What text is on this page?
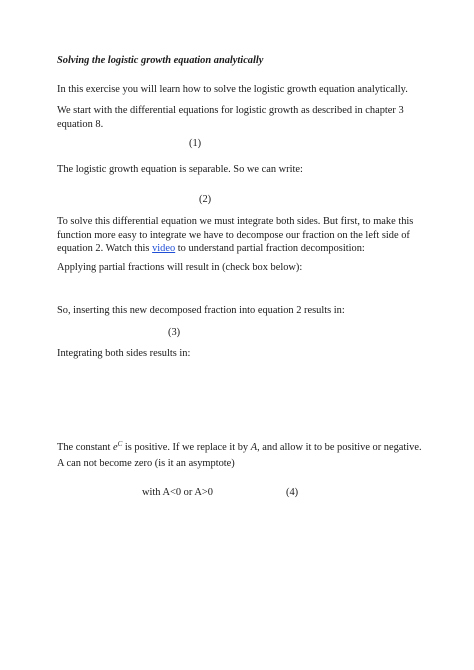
Solving the logistic growth equation analytically
In this exercise you will learn how to solve the logistic growth equation analytically.
We start with the differential equations for logistic growth as described in chapter 3 equation 8.
(1)
The logistic growth equation is separable. So we can write:
(2)
To solve this differential equation we must integrate both sides. But first, to make this function more easy to integrate we have to decompose our fraction on the left side of equation 2. Watch this video to understand partial fraction decomposition:
Applying partial fractions will result in (check box below):
So, inserting this new decomposed fraction into equation 2 results in:
(3)
Integrating both sides results in:
The constant $e^C$ is positive. If we replace it by A, and allow it to be positive or negative. A can not become zero (is it an asymptote)
with A<0 or A>0	(4)
